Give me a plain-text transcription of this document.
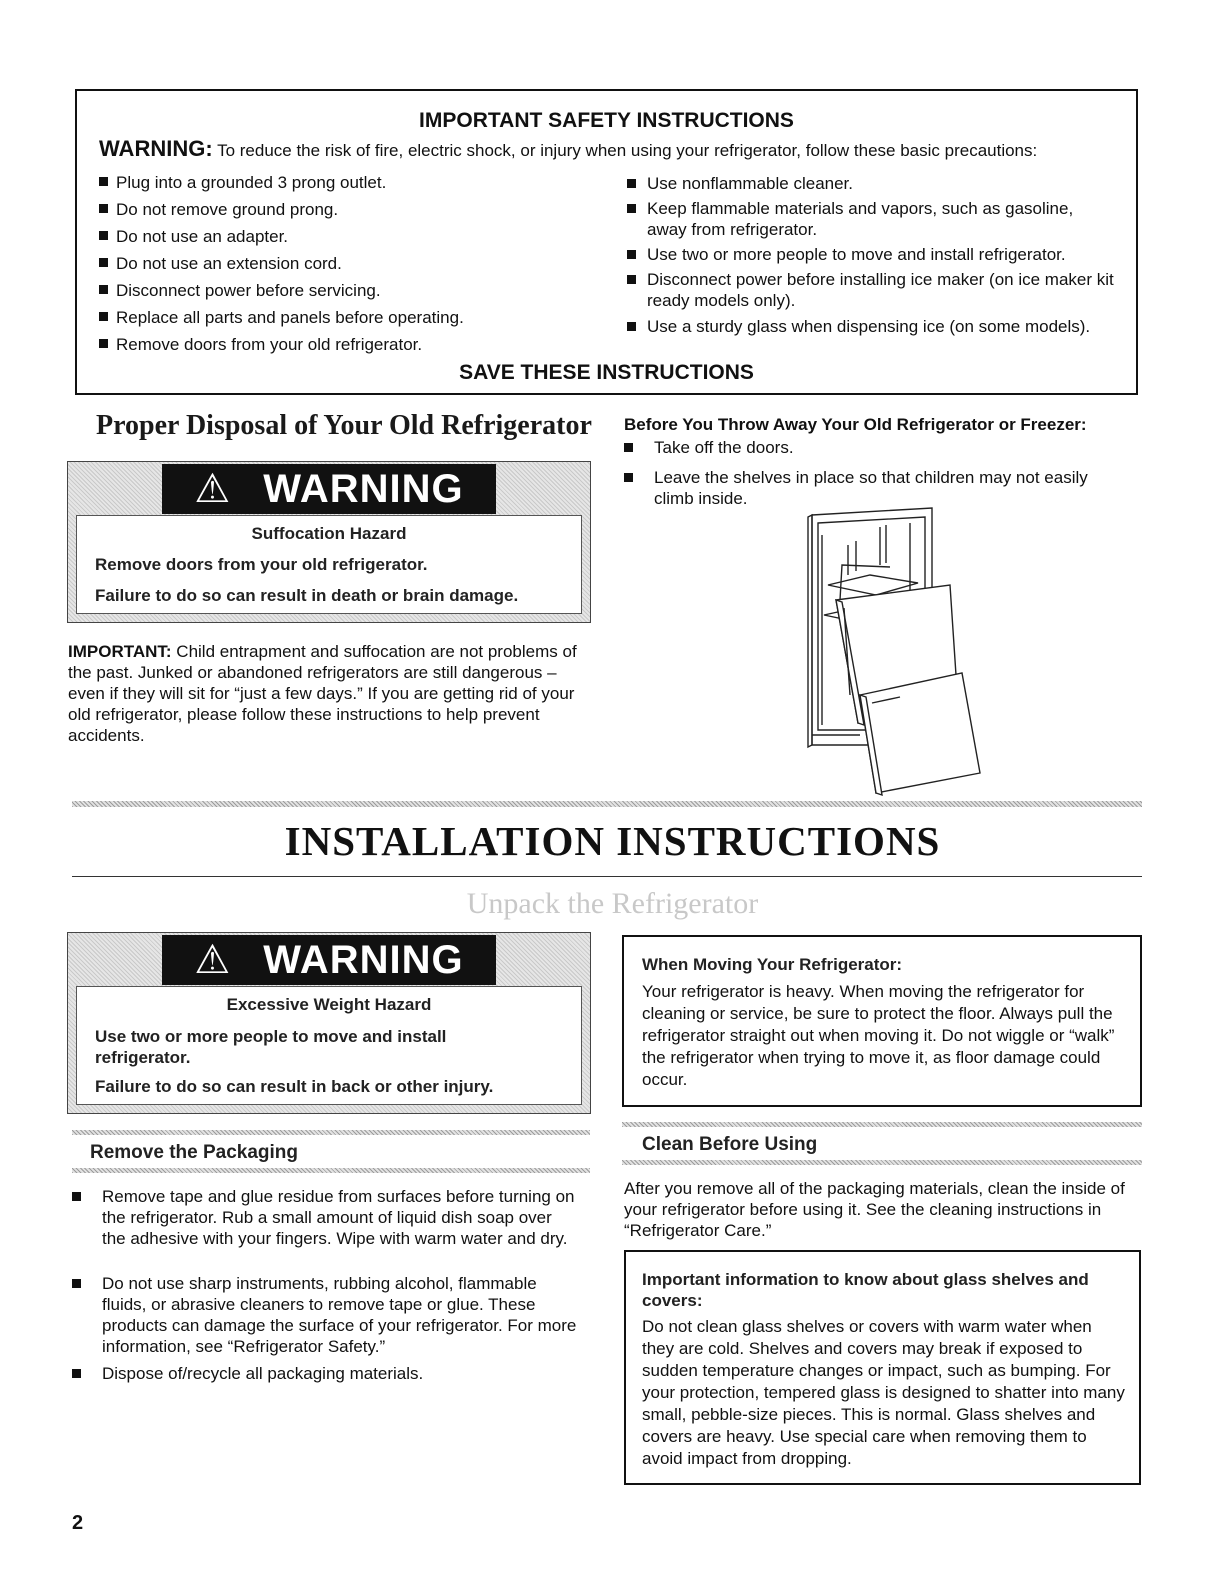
IMPORTANT SAFETY INSTRUCTIONS
WARNING: To reduce the risk of fire, electric shock, or injury when using your refrigerator, follow these basic precautions:
Plug into a grounded 3 prong outlet.
Do not remove ground prong.
Do not use an adapter.
Do not use an extension cord.
Disconnect power before servicing.
Replace all parts and panels before operating.
Remove doors from your old refrigerator.
Use nonflammable cleaner.
Keep flammable materials and vapors, such as gasoline, away from refrigerator.
Use two or more people to move and install refrigerator.
Disconnect power before installing ice maker (on ice maker kit ready models only).
Use a sturdy glass when dispensing ice (on some models).
SAVE THESE INSTRUCTIONS
Proper Disposal of Your Old Refrigerator
⚠ WARNING
Suffocation Hazard
Remove doors from your old refrigerator.
Failure to do so can result in death or brain damage.
IMPORTANT: Child entrapment and suffocation are not problems of the past. Junked or abandoned refrigerators are still dangerous – even if they will sit for “just a few days.” If you are getting rid of your old refrigerator, please follow these instructions to help prevent accidents.
Before You Throw Away Your Old Refrigerator or Freezer:
Take off the doors.
Leave the shelves in place so that children may not easily climb inside.
INSTALLATION INSTRUCTIONS
Unpack the Refrigerator
⚠ WARNING
Excessive Weight Hazard
Use two or more people to move and install refrigerator.
Failure to do so can result in back or other injury.
When Moving Your Refrigerator:
Your refrigerator is heavy. When moving the refrigerator for cleaning or service, be sure to protect the floor. Always pull the refrigerator straight out when moving it. Do not wiggle or “walk” the refrigerator when trying to move it, as floor damage could occur.
Remove the Packaging
Remove tape and glue residue from surfaces before turning on the refrigerator. Rub a small amount of liquid dish soap over the adhesive with your fingers. Wipe with warm water and dry.
Do not use sharp instruments, rubbing alcohol, flammable fluids, or abrasive cleaners to remove tape or glue. These products can damage the surface of your refrigerator. For more information, see “Refrigerator Safety.”
Dispose of/recycle all packaging materials.
Clean Before Using
After you remove all of the packaging materials, clean the inside of your refrigerator before using it. See the cleaning instructions in “Refrigerator Care.”
Important information to know about glass shelves and covers:
Do not clean glass shelves or covers with warm water when they are cold. Shelves and covers may break if exposed to sudden temperature changes or impact, such as bumping. For your protection, tempered glass is designed to shatter into many small, pebble-size pieces. This is normal. Glass shelves and covers are heavy. Use special care when removing them to avoid impact from dropping.
2
